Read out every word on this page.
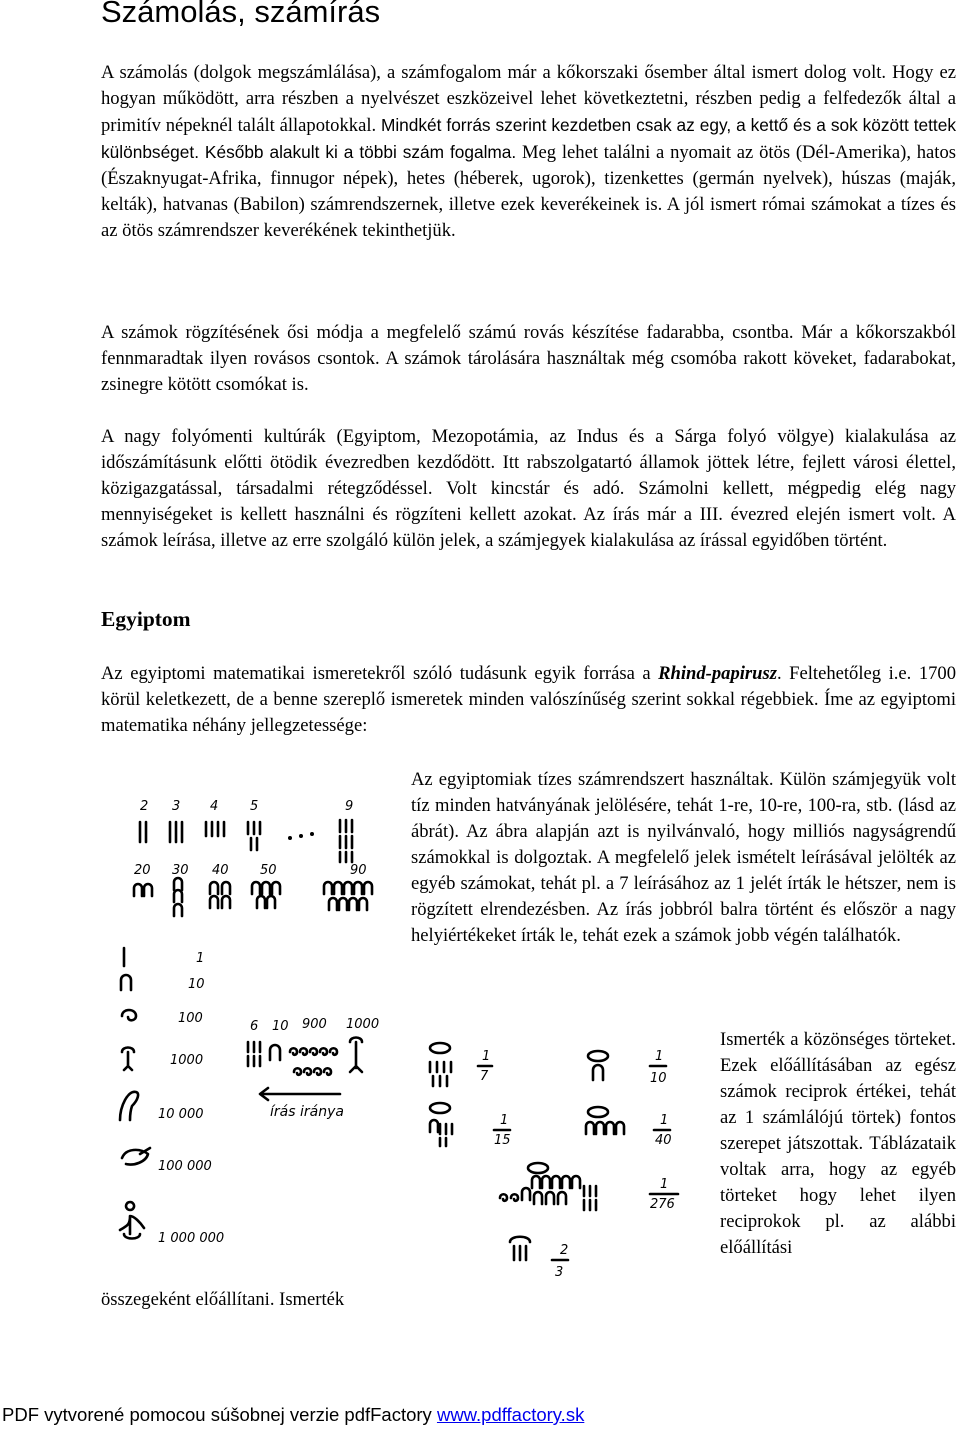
Számolás, számírás

A számolás (dolgok megszámlálása), a számfogalom már a kőkorszaki ősember által ismert dolog volt. Hogy ez hogyan működött, arra részben a nyelvészet eszközeivel lehet következtetni, részben pedig a felfedezők által a primitív népeknél talált állapotokkal. Mindkét forrás szerint kezdetben csak az egy, a kettő és a sok között tettek különbséget. Később alakult ki a többi szám fogalma. Meg lehet találni a nyomait az ötös (Dél-Amerika), hatos (Északnyugat-Afrika, finnugor népek), hetes (héberek, ugorok), tizenkettes (germán nyelvek), húszas (maják, kelták), hatvanas (Babilon) számrendszernek, illetve ezek keverékeinek is. A jól ismert római számokat a tízes és az ötös számrendszer keverékének tekinthetjük.

A számok rögzítésének ősi módja a megfelelő számú rovás készítése fadarabba, csontba. Már a kőkorszakból fennmaradtak ilyen rovásos csontok. A számok tárolására használtak még csomóba rakott köveket, fadarabokat, zsinegre kötött csomókat is.

A nagy folyómenti kultúrák (Egyiptom, Mezopotámia, az Indus és a Sárga folyó völgye) kialakulása az időszámításunk előtti ötödik évezredben kezdődött. Itt rabszolgatartó államok jöttek létre, fejlett városi élettel, közigazgatással, társadalmi rétegződéssel. Volt kincstár és adó. Számolni kellett, mégpedig elég nagy mennyiségeket is kellett használni és rögzíteni kellett azokat. Az írás már a III. évezred elején ismert volt. A számok leírása, illetve az erre szolgáló külön jelek, a számjegyek kialakulása az írással egyidőben történt.

Egyiptom

Az egyiptomi matematikai ismeretekről szóló tudásunk egyik forrása a Rhind-papirusz. Feltehetőleg i.e. 1700 körül keletkezett, de a benne szereplő ismeretek minden valószínűség szerint sokkal régebbiek. Íme az egyiptomi matematika néhány jellegzetessége:

2 3 4 5	9
20 30 40 50	90
1
10
100
1000
10 000
100 000
1 000 000
6 10 900 1000
írás iránya

Az egyiptomiak tízes számrendszert használtak. Külön számjegyük volt tíz minden hatványának jelölésére, tehát 1-re, 10-re, 100-ra, stb. (lásd az ábrát). Az ábra alapján azt is nyilvánvaló, hogy milliós nagyságrendű számokkal is dolgoztak. A megfelelő jelek ismételt leírásával jelölték az egyéb számokat, tehát pl. a 7 leírásához az 1 jelét írták le hétszer, nem is rögzített elrendezésben. Az írás jobbról balra történt és először a nagy helyiértékeket írták le, tehát ezek a számok jobb végén találhatók.

1
7
1
10
1
15
1
40
1
276
2
3

Ismerték a közönséges törteket. Ezek előállításában az egész számok reciprok értékei, tehát az 1 számlálójú törtek) fontos szerepet játszottak. Táblázataik voltak arra, hogy az egyéb törteket hogy lehet ilyen reciprokok pl. az alábbi előállítási

összegeként előállítani. Ismerték

PDF vytvorené pomocou súšobnej verzie pdfFactory www.pdffactory.sk
